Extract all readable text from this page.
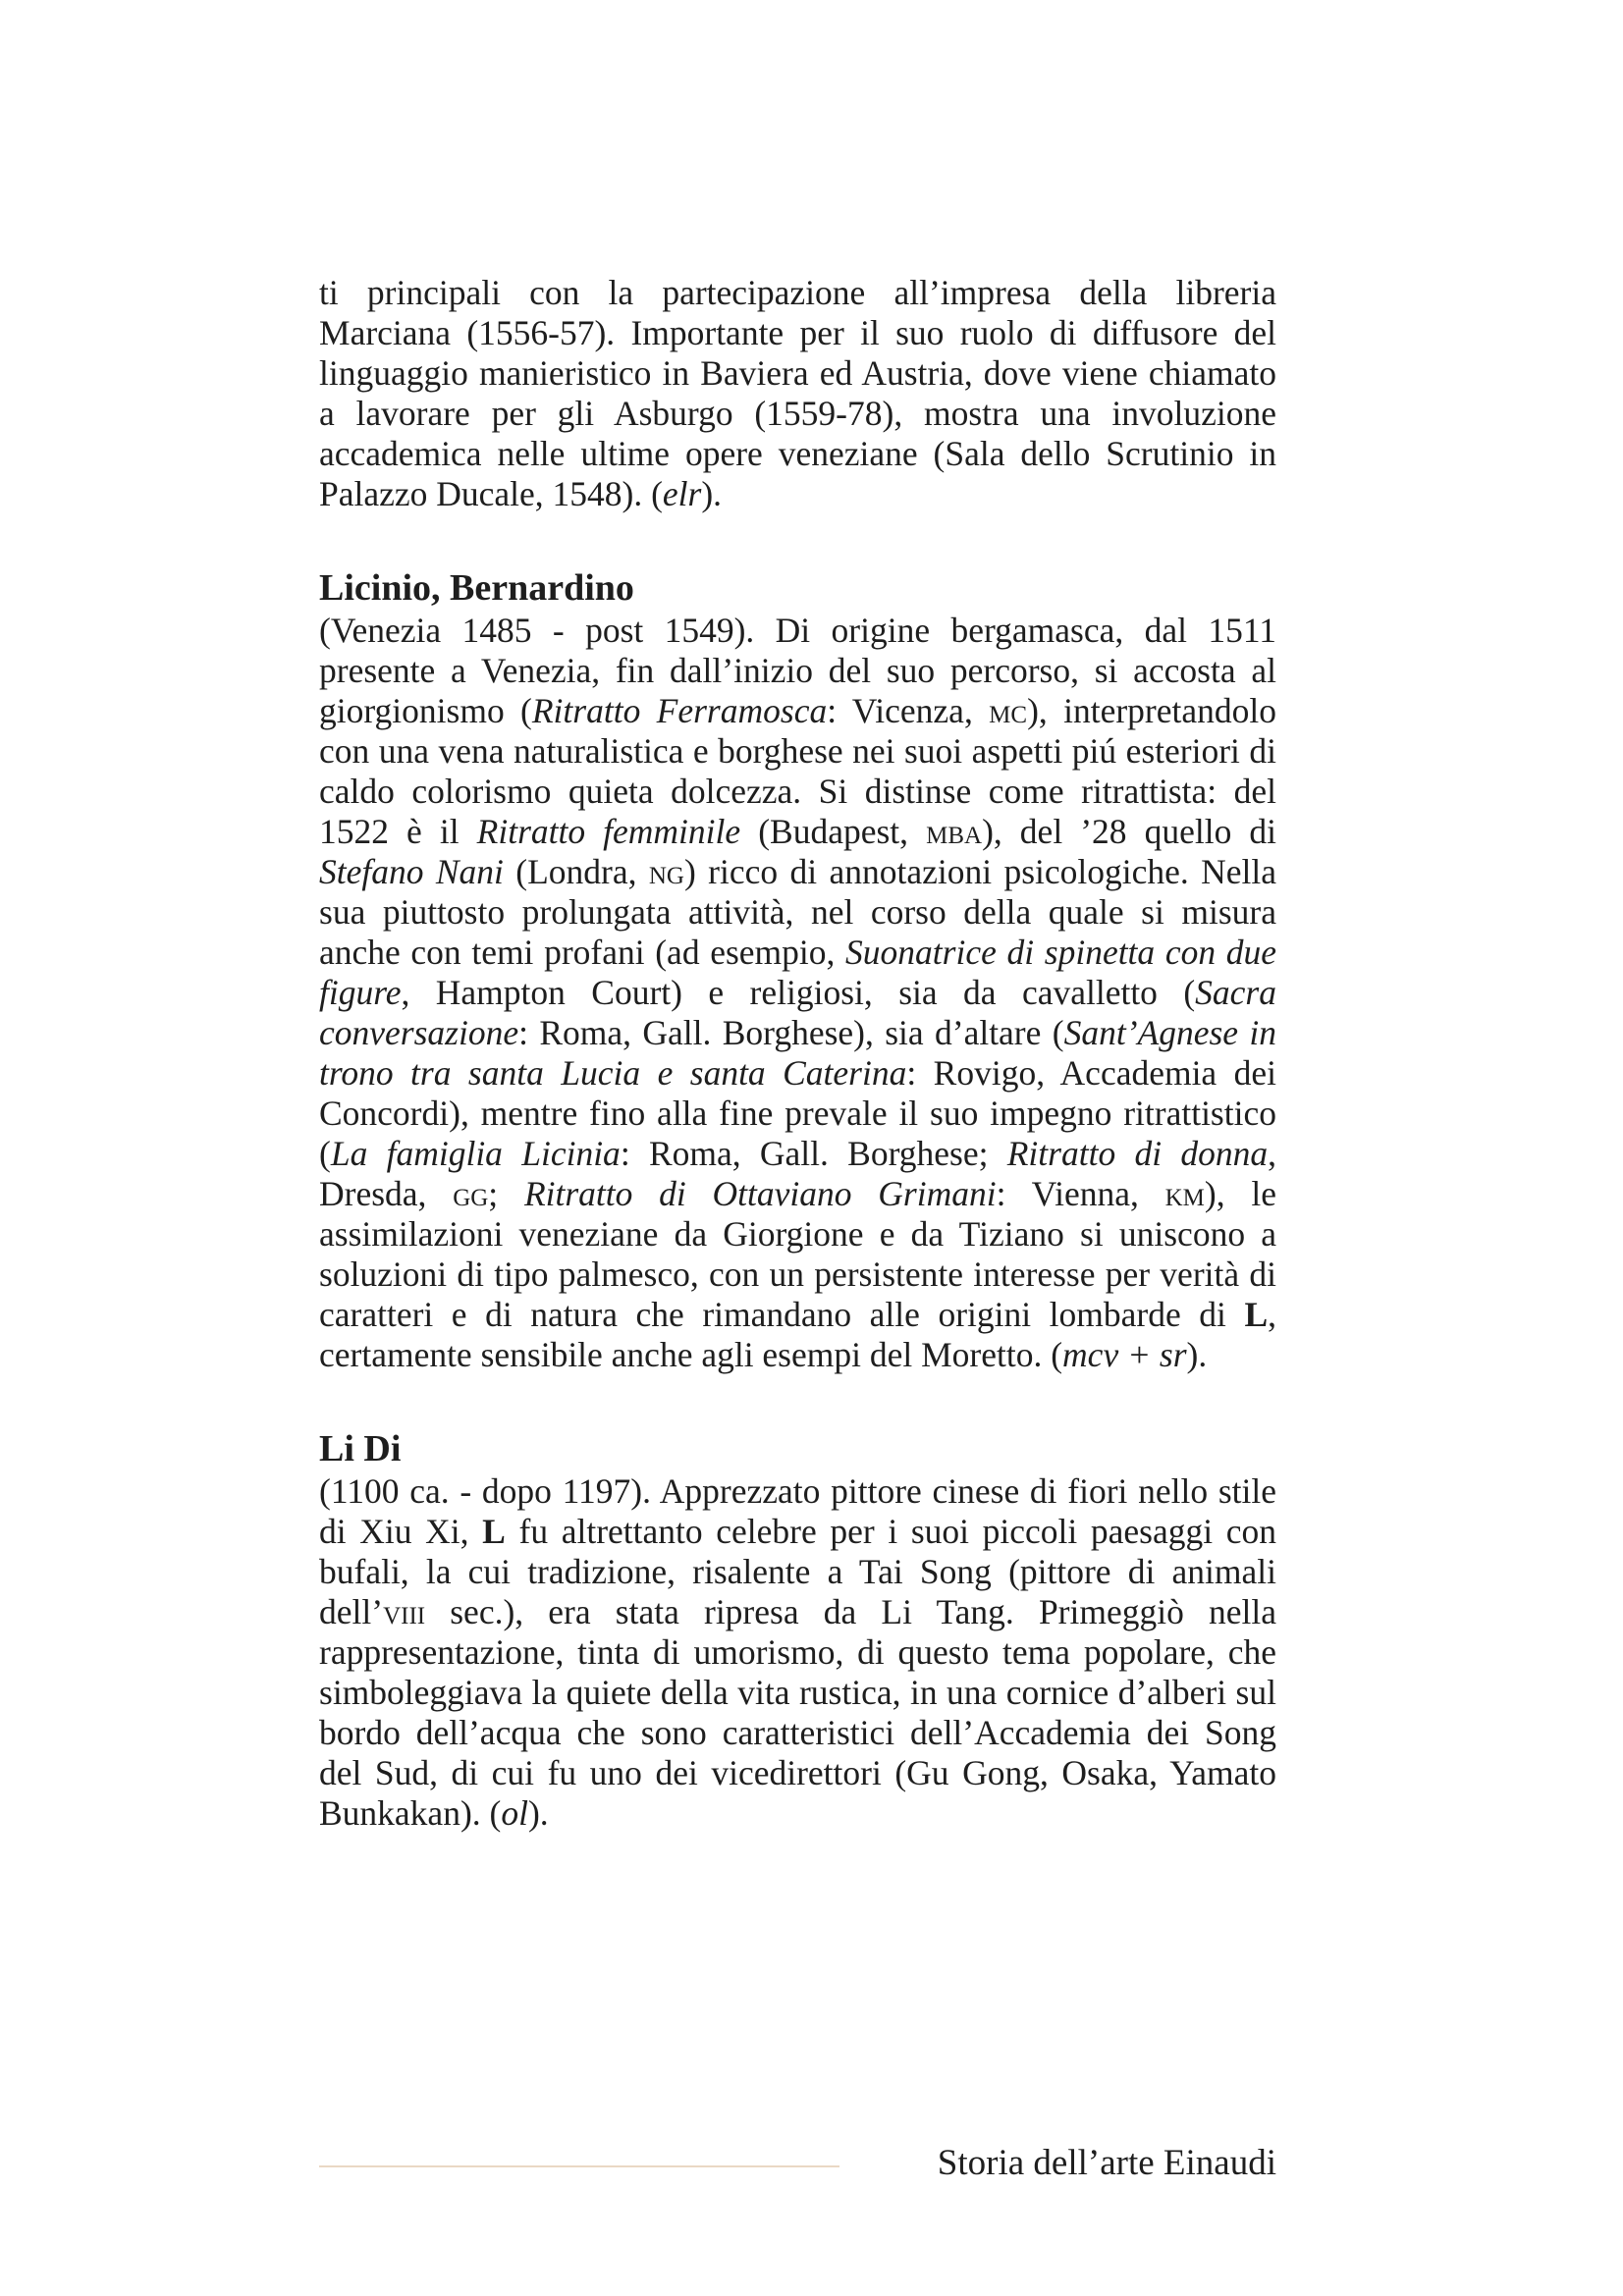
ti principali con la partecipazione all’impresa della libreria Marciana (1556-57). Importante per il suo ruolo di diffusore del linguaggio manieristico in Baviera ed Austria, dove viene chiamato a lavorare per gli Asburgo (1559-78), mostra una involuzione accademica nelle ultime opere veneziane (Sala dello Scrutinio in Palazzo Ducale, 1548). (elr).

Licinio, Bernardino

(Venezia 1485 - post 1549). Di origine bergamasca, dal 1511 presente a Venezia, fin dall’inizio del suo percorso, si accosta al giorgionismo (Ritratto Ferramosca: Vicenza, mc), interpretandolo con una vena naturalistica e borghese nei suoi aspetti piú esteriori di caldo colorismo quieta dolcezza. Si distinse come ritrattista: del 1522 è il Ritratto femminile (Budapest, mba), del ’28 quello di Stefano Nani (Londra, ng) ricco di annotazioni psicologiche. Nella sua piuttosto prolungata attività, nel corso della quale si misura anche con temi profani (ad esempio, Suonatrice di spinetta con due figure, Hampton Court) e religiosi, sia da cavalletto (Sacra conversazione: Roma, Gall. Borghese), sia d’altare (Sant’Agnese in trono tra santa Lucia e santa Caterina: Rovigo, Accademia dei Concordi), mentre fino alla fine prevale il suo impegno ritrattistico (La famiglia Licinia: Roma, Gall. Borghese; Ritratto di donna, Dresda, gg; Ritratto di Ottaviano Grimani: Vienna, km), le assimilazioni veneziane da Giorgione e da Tiziano si uniscono a soluzioni di tipo palmesco, con un persistente interesse per verità di caratteri e di natura che rimandano alle origini lombarde di L, certamente sensibile anche agli esempi del Moretto. (mcv + sr).

Li Di

(1100 ca. - dopo 1197). Apprezzato pittore cinese di fiori nello stile di Xiu Xi, L fu altrettanto celebre per i suoi piccoli paesaggi con bufali, la cui tradizione, risalente a Tai Song (pittore di animali dell’viii sec.), era stata ripresa da Li Tang. Primeggiò nella rappresentazione, tinta di umorismo, di questo tema popolare, che simboleggiava la quiete della vita rustica, in una cornice d’alberi sul bordo dell’acqua che sono caratteristici dell’Accademia dei Song del Sud, di cui fu uno dei vicedirettori (Gu Gong, Osaka, Yamato Bunkakan). (ol).

Storia dell’arte Einaudi
